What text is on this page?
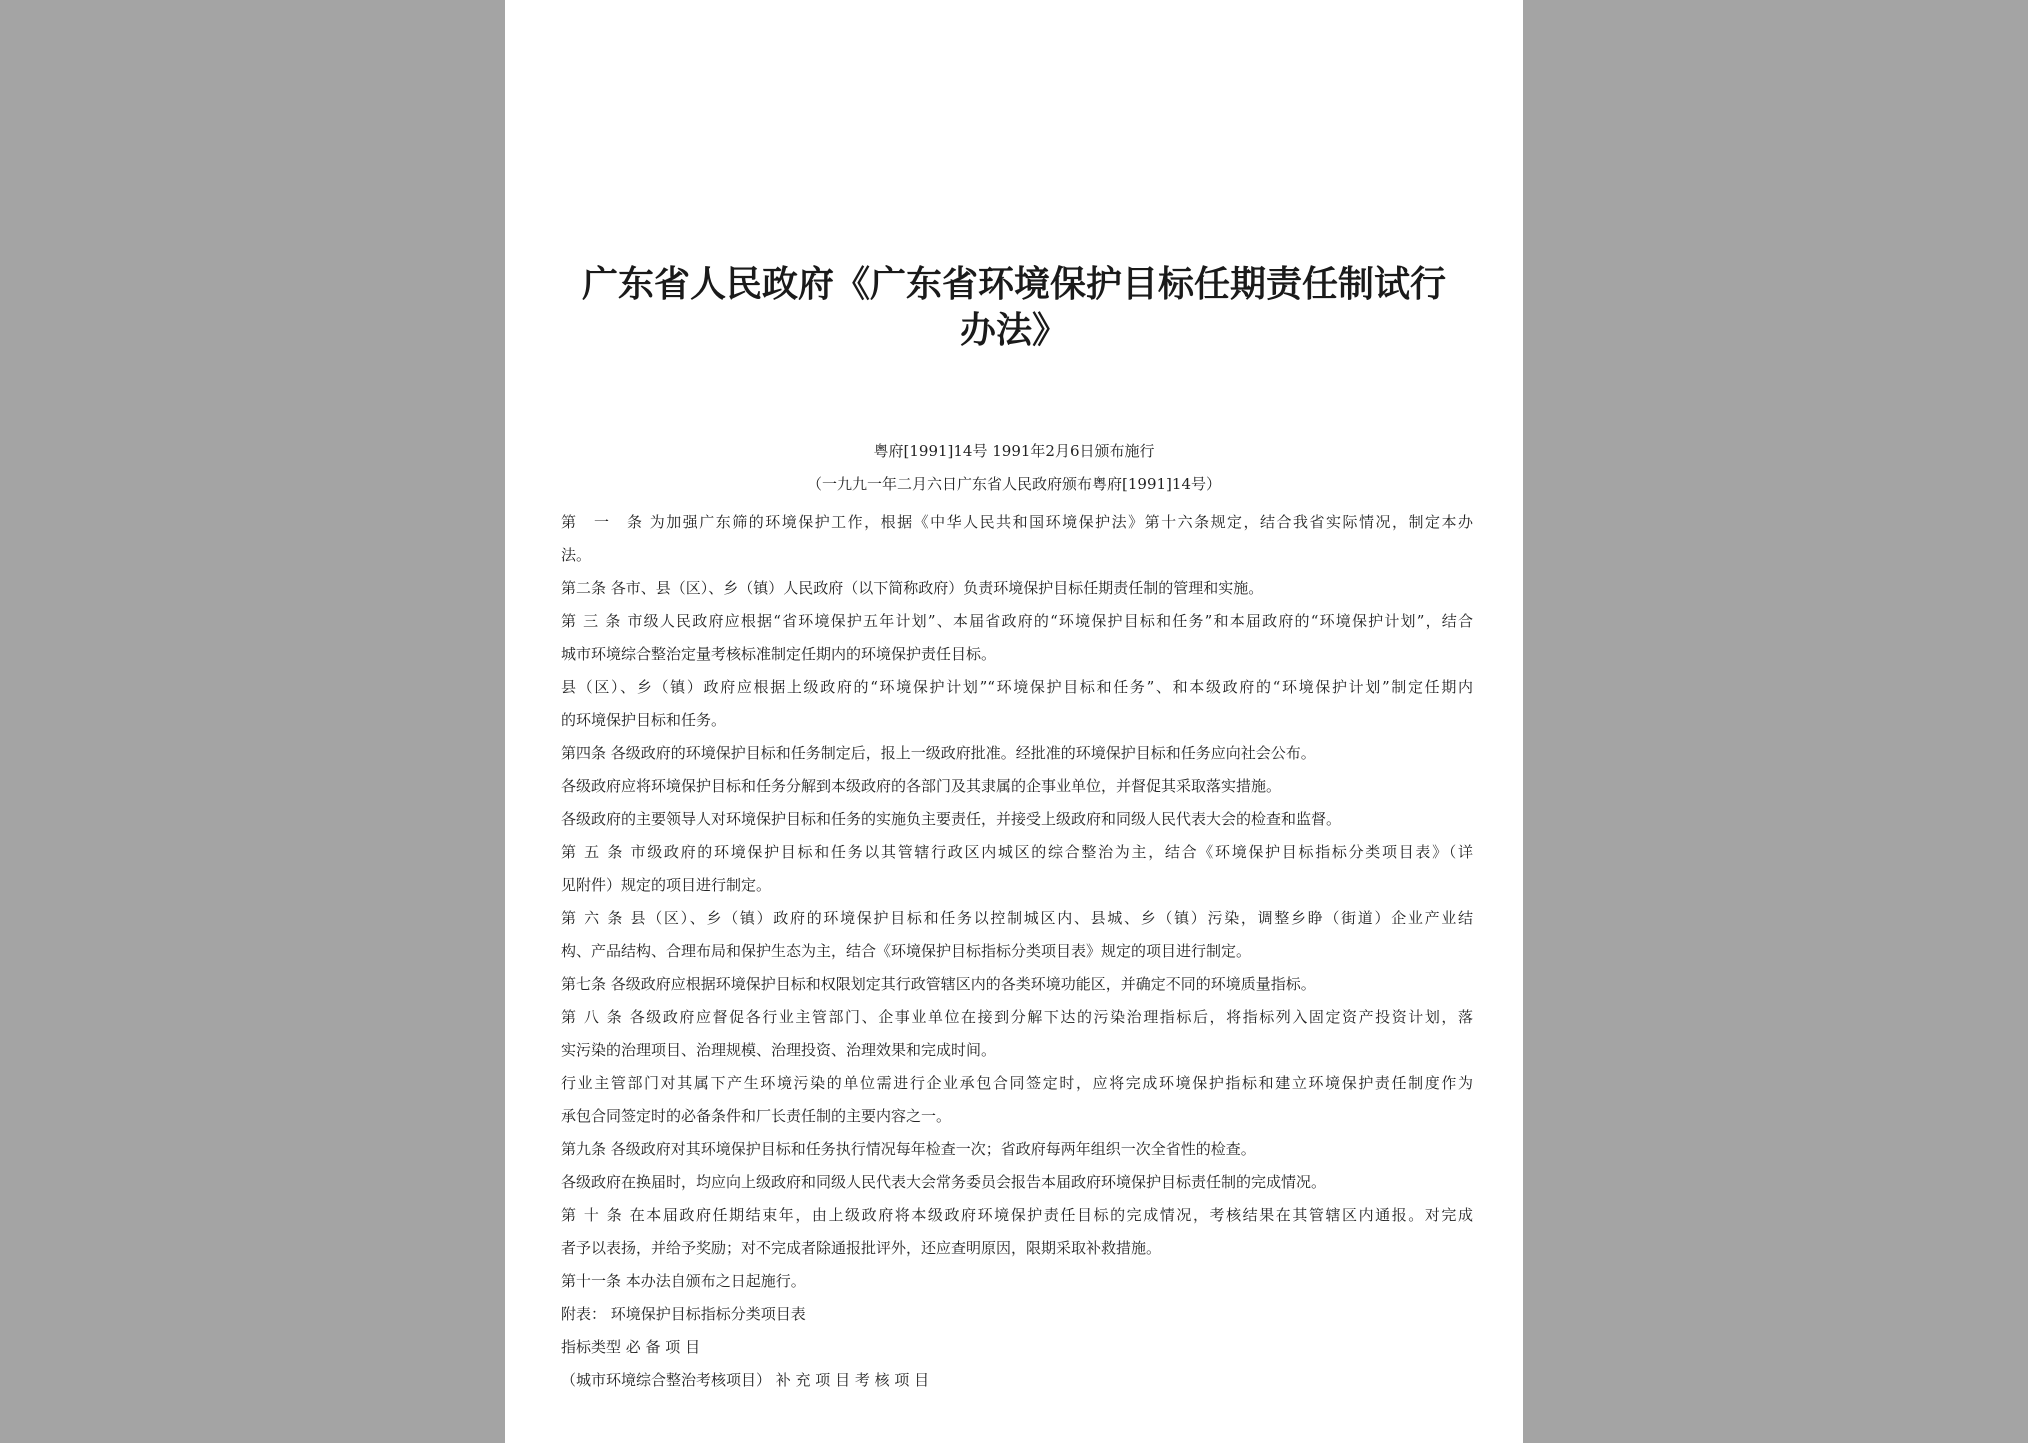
广东省人民政府《广东省环境保护目标任期责任制试行
办法》
粤府[1991]14号 1991年2月6日颁布施行
（一九九一年二月六日广东省人民政府颁布粤府[1991]14号）
第　一　条 为加强广东筛的环境保护工作，根据《中华人民共和国环境保护法》第十六条规定，结合我省实际情况，制定本办
法。
第二条 各市、县（区）、乡（镇）人民政府（以下简称政府）负责环境保护目标任期责任制的管理和实施。
第 三 条 市级人民政府应根据“省环境保护五年计划”、本届省政府的“环境保护目标和任务”和本届政府的“环境保护计划”，结合
城市环境综合整治定量考核标准制定任期内的环境保护责任目标。
县（区）、乡（镇）政府应根据上级政府的“环境保护计划”“环境保护目标和任务”、和本级政府的“环境保护计划”制定任期内
的环境保护目标和任务。
第四条 各级政府的环境保护目标和任务制定后，报上一级政府批准。经批准的环境保护目标和任务应向社会公布。
各级政府应将环境保护目标和任务分解到本级政府的各部门及其隶属的企事业单位，并督促其采取落实措施。
各级政府的主要领导人对环境保护目标和任务的实施负主要责任，并接受上级政府和同级人民代表大会的检查和监督。
第 五 条 市级政府的环境保护目标和任务以其管辖行政区内城区的综合整治为主，结合《环境保护目标指标分类项目表》（详
见附件）规定的项目进行制定。
第 六 条 县（区）、乡（镇）政府的环境保护目标和任务以控制城区内、县城、乡（镇）污染，调整乡睁（街道）企业产业结
构、产品结构、合理布局和保护生态为主，结合《环境保护目标指标分类项目表》规定的项目进行制定。
第七条 各级政府应根据环境保护目标和权限划定其行政管辖区内的各类环境功能区，并确定不同的环境质量指标。
第 八 条 各级政府应督促各行业主管部门、企事业单位在接到分解下达的污染治理指标后，将指标列入固定资产投资计划，落
实污染的治理项目、治理规模、治理投资、治理效果和完成时间。
行业主管部门对其属下产生环境污染的单位需进行企业承包合同签定时，应将完成环境保护指标和建立环境保护责任制度作为
承包合同签定时的必备条件和厂长责任制的主要内容之一。
第九条 各级政府对其环境保护目标和任务执行情况每年检查一次；省政府每两年组织一次全省性的检查。
各级政府在换届时，均应向上级政府和同级人民代表大会常务委员会报告本届政府环境保护目标责任制的完成情况。
第 十 条 在本届政府任期结束年，由上级政府将本级政府环境保护责任目标的完成情况，考核结果在其管辖区内通报。对完成
者予以表扬，并给予奖励；对不完成者除通报批评外，还应查明原因，限期采取补救措施。
第十一条 本办法自颁布之日起施行。
附表： 环境保护目标指标分类项目表
指标类型 必 备 项 目
（城市环境综合整治考核项目） 补 充 项 目 考 核 项 目
